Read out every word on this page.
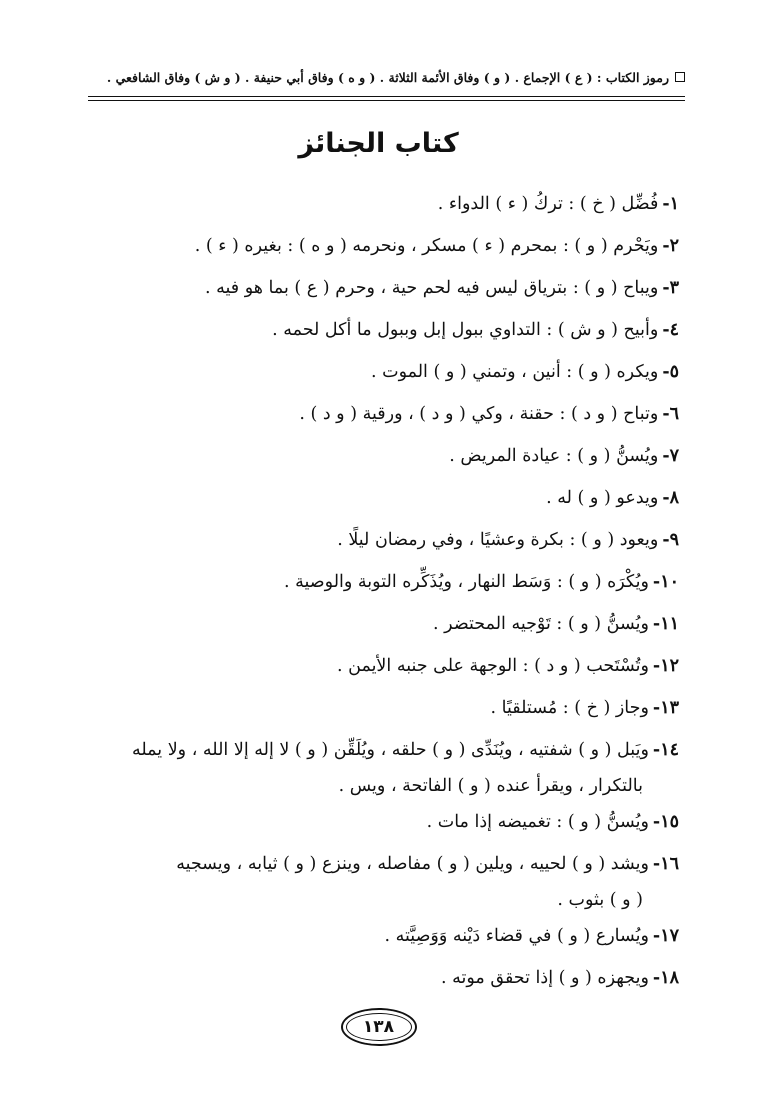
رموز الكتاب : ( ع ) الإجماع . ( و ) وفاق الأئمة الثلاثة . ( و ه ) وفاق أبي حنيفة . ( و ش ) وفاق الشافعي .
كتاب الجنائز
١-فُضِّل ( خ ) : تركُ ( ء ) الدواء .
٢-ويَحْرم ( و ) : بمحرم ( ء ) مسكر ، ونحرمه ( و ه ) : بغيره ( ء ) .
٣-ويباح ( و ) : بترياق ليس فيه لحم حية ، وحرم ( ع ) بما هو فيه .
٤-وأبيح ( و ش ) : التداوي ببول إبل وببول ما أكل لحمه .
٥-ويكره ( و ) : أنين ، وتمني ( و ) الموت .
٦-وتباح ( و د ) : حقنة ، وكي ( و د ) ، ورقية ( و د ) .
٧-ويُسنُّ ( و ) : عيادة المريض .
٨-ويدعو ( و ) له .
٩-ويعود ( و ) : بكرة وعشيًا ، وفي رمضان ليلًا .
١٠-ويُكْرَه ( و ) : وَسَط النهار ، ويُذَكِّره التوبة والوصية .
١١-ويُسنُّ ( و ) : تَوْجيه المحتضر .
١٢-وتُسْتَحب ( و د ) : الوجهة على جنبه الأيمن .
١٣-وجاز ( خ ) : مُستلقيًا .
١٤-ويَبل ( و ) شفتيه ، ويُنَدِّى ( و ) حلقه ، ويُلَقِّن ( و ) لا إله إلا الله ، ولا يمله
بالتكرار ، ويقرأ عنده ( و ) الفاتحة ، ويس .
١٥-ويُسنُّ ( و ) : تغميضه إذا مات .
١٦-ويشد ( و ) لحييه ، ويلين ( و ) مفاصله ، وينزع ( و ) ثيابه ، ويسجيه
( و ) بثوب .
١٧-ويُسارع ( و ) في قضاء دَيْنه وَوَصِيَّته .
١٨-ويجهزه ( و ) إذا تحقق موته .
١٣٨
